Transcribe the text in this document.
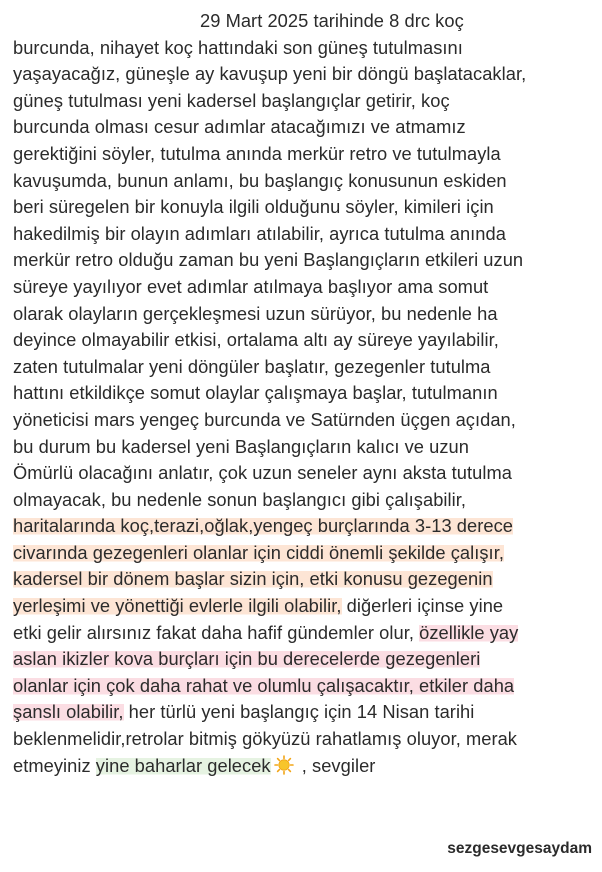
29 Mart 2025 tarihinde 8 drc koç
burcunda, nihayet koç hattındaki son güneş tutulmasını
yaşayacağız, güneşle ay kavuşup yeni bir döngü başlatacaklar,
güneş tutulması yeni kadersel başlangıçlar getirir, koç
burcunda olması cesur adımlar atacağımızı ve atmamız
gerektiğini söyler, tutulma anında merkür retro ve tutulmayla
kavuşumda, bunun anlamı, bu başlangıç konusunun eskiden
beri süregelen bir konuyla ilgili olduğunu söyler, kimileri için
hakedilmiş bir olayın adımları atılabilir, ayrıca tutulma anında
merkür retro olduğu zaman bu yeni Başlangıçların etkileri uzun
süreye yayılıyor evet adımlar atılmaya başlıyor ama somut
olarak olayların gerçekleşmesi uzun sürüyor, bu nedenle ha
deyince olmayabilir etkisi, ortalama altı ay süreye yayılabilir,
zaten tutulmalar yeni döngüler başlatır, gezegenler tutulma
hattını etkildikçe somut olaylar çalışmaya başlar, tutulmanın
yöneticisi mars yengeç burcunda ve Satürnden üçgen açıdan,
bu durum bu kadersel yeni Başlangıçların kalıcı ve uzun
Ömürlü olacağını anlatır, çok uzun seneler aynı aksta tutulma
olmayacak, bu nedenle sonun başlangıcı gibi çalışabilir,
haritalarında koç,terazi,oğlak,yengeç burçlarında 3-13 derece
civarında gezegenleri olanlar için ciddi önemli şekilde çalışır,
kadersel bir dönem başlar sizin için, etki konusu gezegenin
yerleşimi ve yönettiği evlerle ilgili olabilir, diğerleri içinse yine
etki gelir alırsınız fakat daha hafif gündemler olur, özellikle yay
aslan ikizler kova burçları için bu derecelerde gezegenleri
olanlar için çok daha rahat ve olumlu çalışacaktır, etkiler daha
şanslı olabilir, her türlü yeni başlangıç için 14 Nisan tarihi
beklenmelidir,retrolar bitmiş gökyüzü rahatlamış oluyor, merak
etmeyiniz yine baharlar gelecek , sevgiler
sezgesevgesaydam
